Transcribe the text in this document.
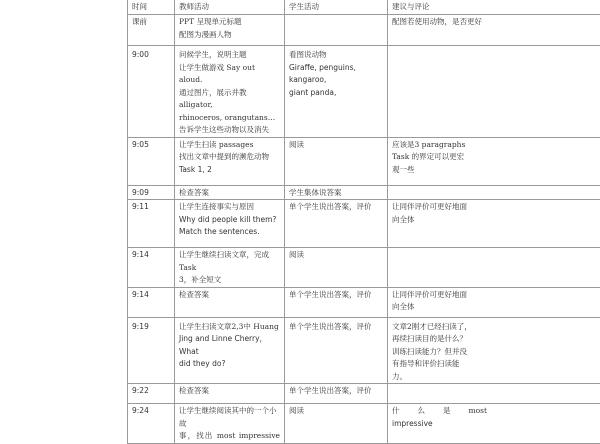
时间	教师活动	学生活动	建议与评论
课前	PPT 呈现单元标题
配图为漫画人物		配图若使用动物，是否更好

9:00	问候学生，说明主题
让学生做游戏 Say out aloud.
通过图片，展示并教 alligator,
rhinoceros, orangutans…
告诉学生这些动物以及消失	看图说动物
Giraffe, penguins, kangaroo,
giant panda,	

9:05	让学生扫读 passages
找出文章中提到的濒危动物
Task 1, 2	阅读	应该是3 paragraphs
Task 的界定可以更宏
观一些

9:09	检查答案	学生集体说答案	

9:11	让学生连接事实与原因
Why did people kill them?
Match the sentences.	单个学生说出答案，评价	让同伴评价可更好地面
向全体

9:14	让学生继续扫读文章，完成 Task
3，补全短文	阅读	

9:14	检查答案	单个学生说出答案，评价	让同伴评价可更好地面
向全体

9:19	让学生扫读文章2,3中 Huang
Jing and Linne Cherry，What
did they do?	单个学生说出答案，评价	文章2刚才已经扫读了，
再续扫读目的是什么？
训练扫读能力？但并没
有指导和评价扫读能
力。

9:22	检查答案	单个学生说出答案，评价	

9:24	让学生继续阅读其中的一个小故
事，找出 most impressive	阅读	什 么 是 most
impressive
